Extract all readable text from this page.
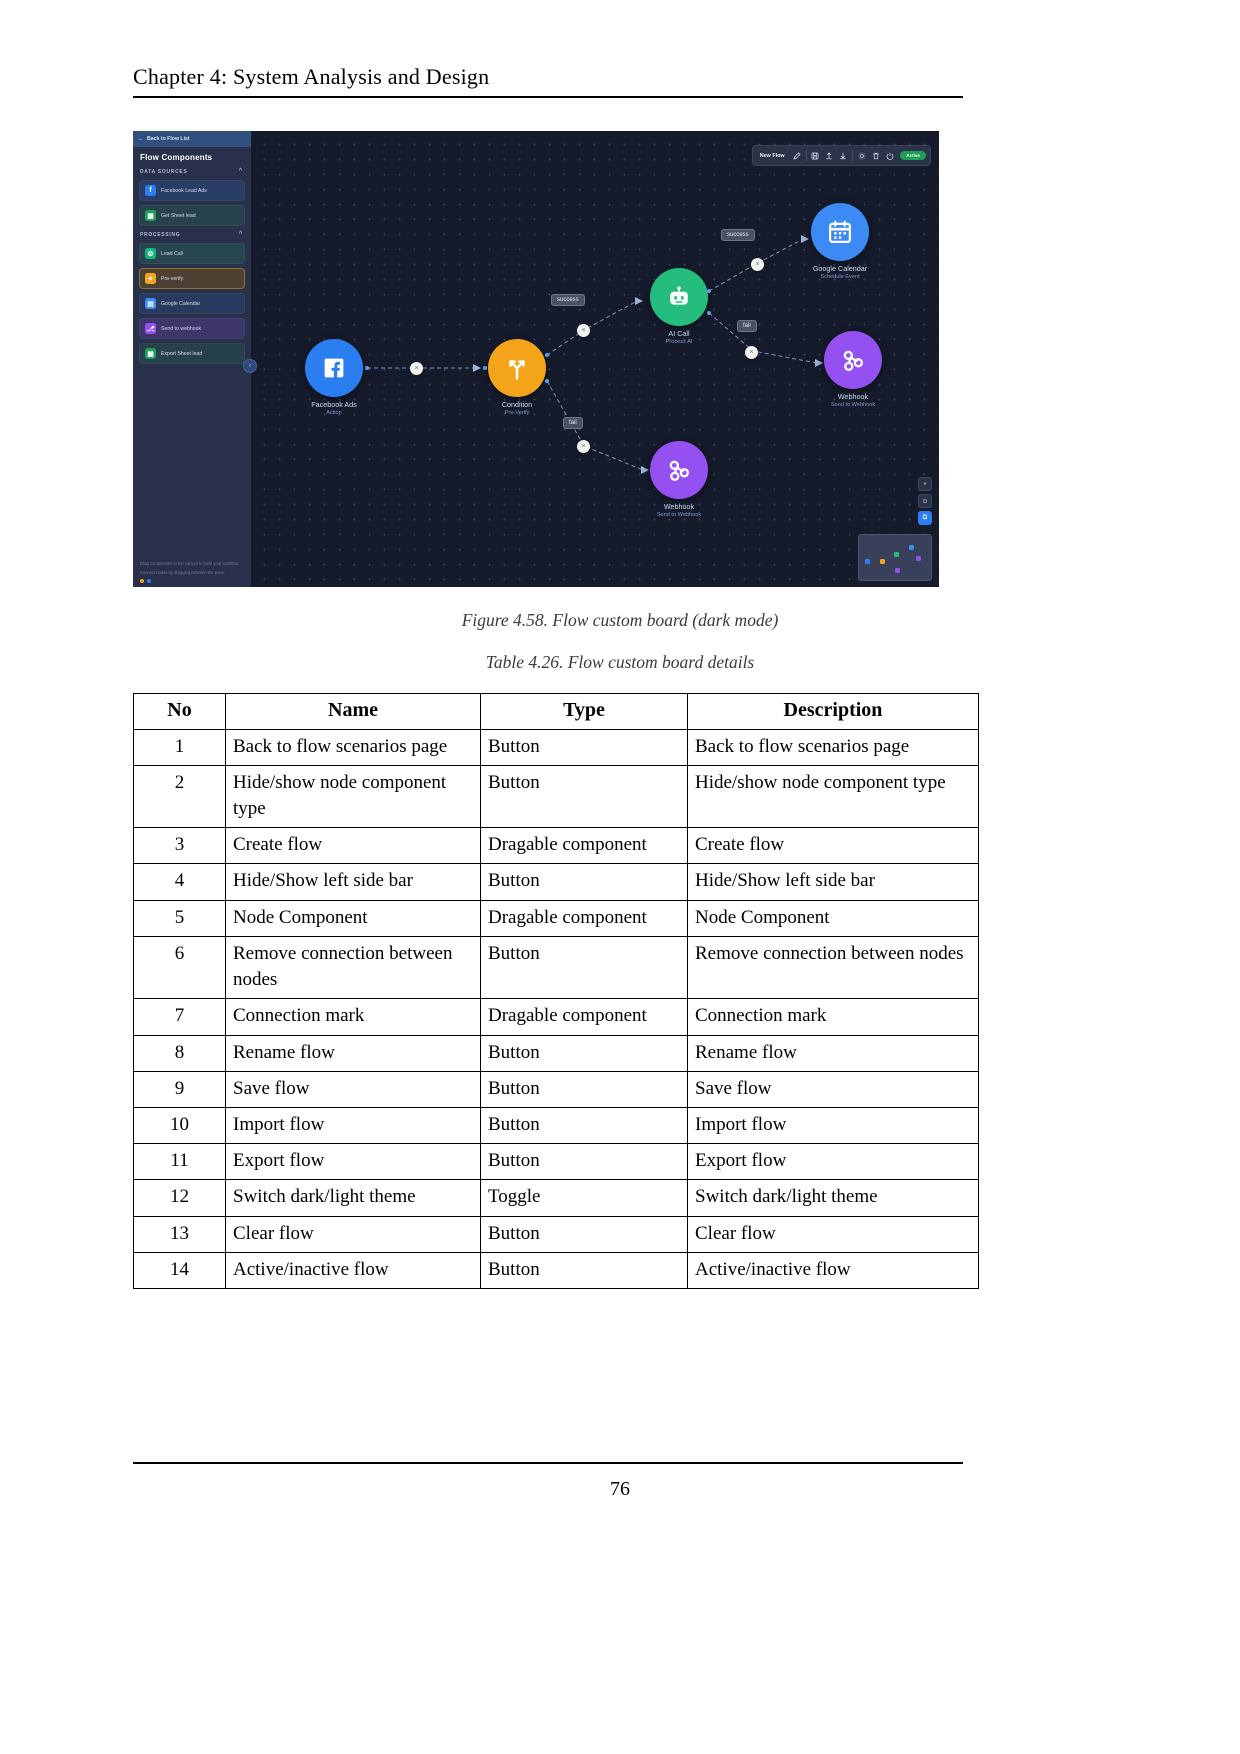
Chapter 4: System Analysis and Design
← Back to Flow List
Flow Components
DATA SOURCES	^
f	Facebook Lead Ads
▦	Get Sheet lead
PROCESSING	^
⚙	Lead Call
✦	Pre-verify
▤	Google Calendar
⎇ Send to webhook
▦	Export Sheet lead

Drag components to the canvas to build your workflow.

Connect nodes by dragging between the ports.

‹
New Flow	Active
success
success
fail
fail
×
×
×
×
×
Facebook Ads
Action
Condition
Pre-Verify
AI Call
Process AI
Google Calendar
Schedule Event
Webhook
Send to Webhook
Webhook
Send to Webhook
+
⊙
⧉
Figure 4.58. Flow custom board (dark mode)
Table 4.26. Flow custom board details
No	Name	Type	Description
1	Back to flow scenarios page	Button	Back to flow scenarios page
2	Hide/show node component type	Button	Hide/show node component type
3	Create flow	Dragable component	Create flow
4	Hide/Show left side bar	Button	Hide/Show left side bar
5	Node Component	Dragable component	Node Component
6	Remove connection between nodes	Button	Remove connection between nodes
7	Connection mark	Dragable component	Connection mark
8	Rename flow	Button	Rename flow
9	Save flow	Button	Save flow
10	Import flow	Button	Import flow
11	Export flow	Button	Export flow
12	Switch dark/light theme	Toggle	Switch dark/light theme
13	Clear flow	Button	Clear flow
14	Active/inactive flow	Button	Active/inactive flow
76
